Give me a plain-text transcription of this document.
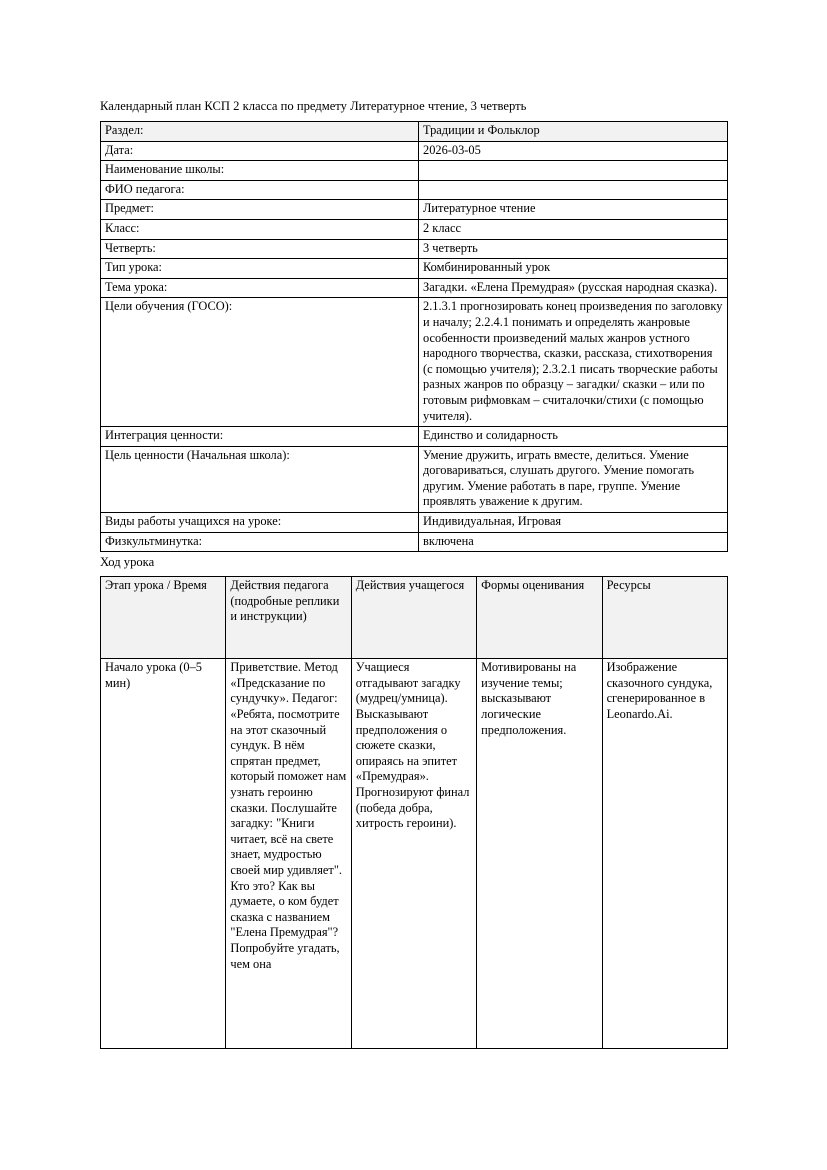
Календарный план КСП 2 класса по предмету Литературное чтение, 3 четверть
Раздел:	Традиции и Фольклор
Дата:	2026-03-05
Наименование школы:	
ФИО педагога:	
Предмет:	Литературное чтение
Класс:	2 класс
Четверть:	3 четверть
Тип урока:	Комбинированный урок
Тема урока:	Загадки. «Елена Премудрая» (русская народная сказка).
Цели обучения (ГОСО):	2.1.3.1 прогнозировать конец произведения по заголовку и началу; 2.2.4.1 понимать и определять жанровые особенности произведений малых жанров устного народного творчества, сказки, рассказа, стихотворения (с помощью учителя); 2.3.2.1 писать творческие работы разных жанров по образцу – загадки/ сказки – или по готовым рифмовкам – считалочки/стихи (с помощью учителя).
Интеграция ценности:	Единство и солидарность
Цель ценности (Начальная школа):	Умение дружить, играть вместе, делиться. Умение договариваться, слушать другого. Умение помогать другим. Умение работать в паре, группе. Умение проявлять уважение к другим.
Виды работы учащихся на уроке:	Индивидуальная, Игровая
Физкультминутка:	включена
Ход урока
Этап урока / Время	Действия педагога (подробные реплики и инструкции)	Действия учащегося	Формы оценивания	Ресурсы
Начало урока (0–5 мин)	Приветствие. Метод «Предсказание по сундучку». Педагог: «Ребята, посмотрите на этот сказочный сундук. В нём спрятан предмет, который поможет нам узнать героиню сказки. Послушайте загадку: "Книги читает, всё на свете знает, мудростью своей мир удивляет". Кто это? Как вы думаете, о ком будет сказка с названием "Елена Премудрая"? Попробуйте угадать, чем она	Учащиеся отгадывают загадку (мудрец/умница). Высказывают предположения о сюжете сказки, опираясь на эпитет «Премудрая». Прогнозируют финал (победа добра, хитрость героини).	Мотивированы на изучение темы; высказывают логические предположения.	Изображение сказочного сундука, сгенерированное в Leonardo.Ai.
